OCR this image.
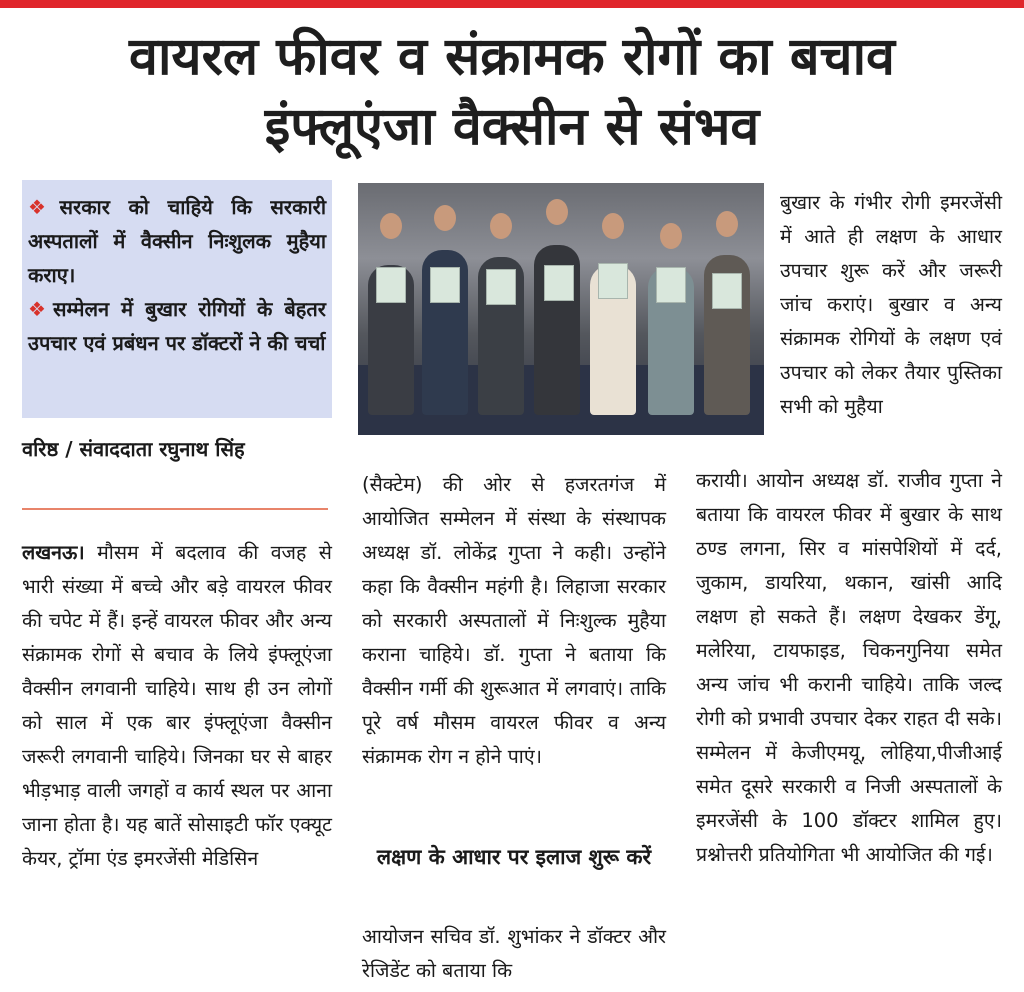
वायरल फीवर व संक्रामक रोगों का बचाव
इंफ्लूएंजा वैक्सीन से संभव
❖ सरकार को चाहिये कि सरकारी अस्पतालों में वैक्सीन निःशुलक मुहैया कराए।
❖ सम्मेलन में बुखार रोगियों के बेहतर उपचार एवं प्रबंधन पर डॉक्टरों ने की चर्चा
वरिष्ठ / संवाददाता रघुनाथ सिंह

लखनऊ। मौसम में बदलाव की वजह से भारी संख्या में बच्चे और बड़े वायरल फीवर की चपेट में हैं। इन्हें वायरल फीवर और अन्य संक्रामक रोगों से बचाव के लिये इंफ्लूएंजा वैक्सीन लगवानी चाहिये। साथ ही उन लोगों को साल में एक बार इंफ्लूएंजा वैक्सीन जरूरी लगवानी चाहिये। जिनका घर से बाहर भीड़भाड़ वाली जगहों व कार्य स्थल पर आना जाना होता है। यह बातें सोसाइटी फॉर एक्यूट केयर, ट्रॉमा एंड इमरजेंसी मेडिसिन

(सैक्टेम) की ओर से हजरतगंज में आयोजित सम्मेलन में संस्था के संस्थापक अध्यक्ष डॉ. लोकेंद्र गुप्ता ने कही। उन्होंने कहा कि वैक्सीन महंगी है। लिहाजा सरकार को सरकारी अस्पतालों में निःशुल्क मुहैया कराना चाहिये। डॉ. गुप्ता ने बताया कि वैक्सीन गर्मी की शुरूआत में लगवाएं। ताकि पूरे वर्ष मौसम वायरल फीवर व अन्य संक्रामक रोग न होने पाएं।

लक्षण के आधार पर इलाज शुरू करें

आयोजन सचिव डॉ. शुभांकर ने डॉक्टर और रेजिडेंट को बताया कि

बुखार के गंभीर रोगी इमरजेंसी में आते ही लक्षण के आधार उपचार शुरू करें और जरूरी जांच कराएं। बुखार व अन्य संक्रामक रोगियों के लक्षण एवं उपचार को लेकर तैयार पुस्तिका सभी को मुहैया

करायी। आयोन अध्यक्ष डॉ. राजीव गुप्ता ने बताया कि वायरल फीवर में बुखार के साथ ठण्ड लगना, सिर व मांसपेशियों में दर्द, जुकाम, डायरिया, थकान, खांसी आदि लक्षण हो सकते हैं। लक्षण देखकर डेंगू, मलेरिया, टायफाइड, चिकनगुनिया समेत अन्य जांच भी करानी चाहिये। ताकि जल्द रोगी को प्रभावी उपचार देकर राहत दी सके। सम्मेलन में केजीएमयू, लोहिया,पीजीआई समेत दूसरे सरकारी व निजी अस्पतालों के इमरजेंसी के 100 डॉक्टर शामिल हुए। प्रश्नोत्तरी प्रतियोगिता भी आयोजित की गई।
